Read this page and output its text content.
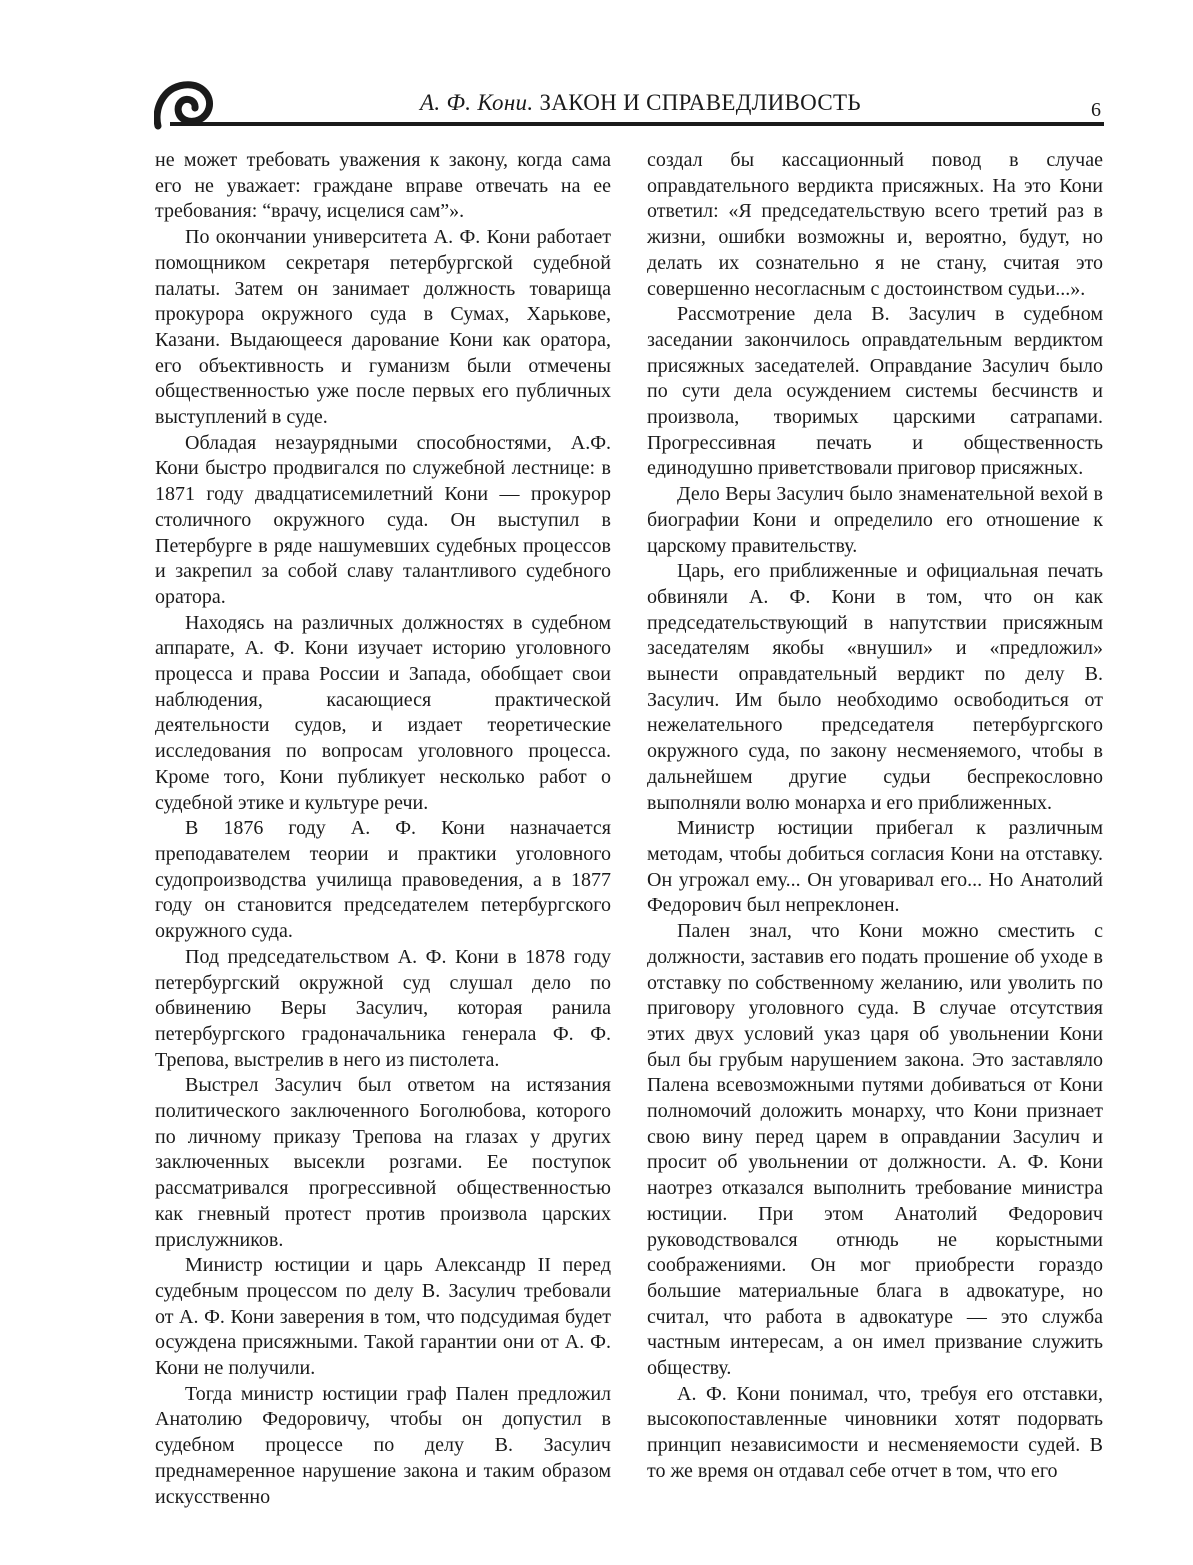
А. Ф. Кони. ЗАКОН И СПРАВЕДЛИВОСТЬ	6

не может требовать уважения к закону, когда сама его не уважает: граждане вправе отвечать на ее требования: “врачу, исцелися сам”».

По окончании университета А. Ф. Кони работает помощником секретаря петербургской судебной палаты. Затем он занимает должность товарища прокурора окружного суда в Сумах, Харькове, Казани. Выдающееся дарование Кони как оратора, его объективность и гуманизм были отмечены общественностью уже после первых его публичных выступлений в суде.

Обладая незаурядными способностями, А.Ф. Кони быстро продвигался по служебной лестнице: в 1871 году двадцатисемилетний Кони — прокурор столичного окружного суда. Он выступил в Петербурге в ряде нашумевших судебных процессов и закрепил за собой славу талантливого судебного оратора.

Находясь на различных должностях в судебном аппарате, А. Ф. Кони изучает историю уголовного процесса и права России и Запада, обобщает свои наблюдения, касающиеся практической деятельности судов, и издает теоретические исследования по вопросам уголовного процесса. Кроме того, Кони публикует несколько работ о судебной этике и культуре речи.

В 1876 году А. Ф. Кони назначается преподавателем теории и практики уголовного судопроизводства училища правоведения, а в 1877 году он становится председателем петербургского окружного суда.

Под председательством А. Ф. Кони в 1878 году петербургский окружной суд слушал дело по обвинению Веры Засулич, которая ранила петербургского градоначальника генерала Ф. Ф. Трепова, выстрелив в него из пистолета.

Выстрел Засулич был ответом на истязания политического заключенного Боголюбова, которого по личному приказу Трепова на глазах у других заключенных высекли розгами. Ее поступок рассматривался прогрессивной общественностью как гневный протест против произвола царских прислужников.

Министр юстиции и царь Александр II перед судебным процессом по делу В. Засулич требовали от А. Ф. Кони заверения в том, что подсудимая будет осуждена присяжными. Такой гарантии они от А. Ф. Кони не получили.

Тогда министр юстиции граф Пален предложил Анатолию Федоровичу, чтобы он допустил в судебном процессе по делу В. Засулич преднамеренное нарушение закона и таким образом искусственно

создал бы кассационный повод в случае оправдательного вердикта присяжных. На это Кони ответил: «Я председательствую всего третий раз в жизни, ошибки возможны и, вероятно, будут, но делать их сознательно я не стану, считая это совершенно несогласным с достоинством судьи...».

Рассмотрение дела В. Засулич в судебном заседании закончилось оправдательным вердиктом присяжных заседателей. Оправдание Засулич было по сути дела осуждением системы бесчинств и произвола, творимых царскими сатрапами. Прогрессивная печать и общественность единодушно приветствовали приговор присяжных.

Дело Веры Засулич было знаменательной вехой в биографии Кони и определило его отношение к царскому правительству.

Царь, его приближенные и официальная печать обвиняли А. Ф. Кони в том, что он как председательствующий в напутствии присяжным заседателям якобы «внушил» и «предложил» вынести оправдательный вердикт по делу В. Засулич. Им было необходимо освободиться от нежелательного председателя петербургского окружного суда, по закону несменяемого, чтобы в дальнейшем другие судьи беспрекословно выполняли волю монарха и его приближенных.

Министр юстиции прибегал к различным методам, чтобы добиться согласия Кони на отставку. Он угрожал ему... Он уговаривал его... Но Анатолий Федорович был непреклонен.

Пален знал, что Кони можно сместить с должности, заставив его подать прошение об уходе в отставку по собственному желанию, или уволить по приговору уголовного суда. В случае отсутствия этих двух условий указ царя об увольнении Кони был бы грубым нарушением закона. Это заставляло Палена всевозможными путями добиваться от Кони полномочий доложить монарху, что Кони признает свою вину перед царем в оправдании Засулич и просит об увольнении от должности. А. Ф. Кони наотрез отказался выполнить требование министра юстиции. При этом Анатолий Федорович руководствовался отнюдь не корыстными соображениями. Он мог приобрести гораздо большие материальные блага в адвокатуре, но считал, что работа в адвокатуре — это служба частным интересам, а он имел призвание служить обществу.

А. Ф. Кони понимал, что, требуя его отставки, высокопоставленные чиновники хотят подорвать принцип независимости и несменяемости судей. В то же время он отдавал себе отчет в том, что его
